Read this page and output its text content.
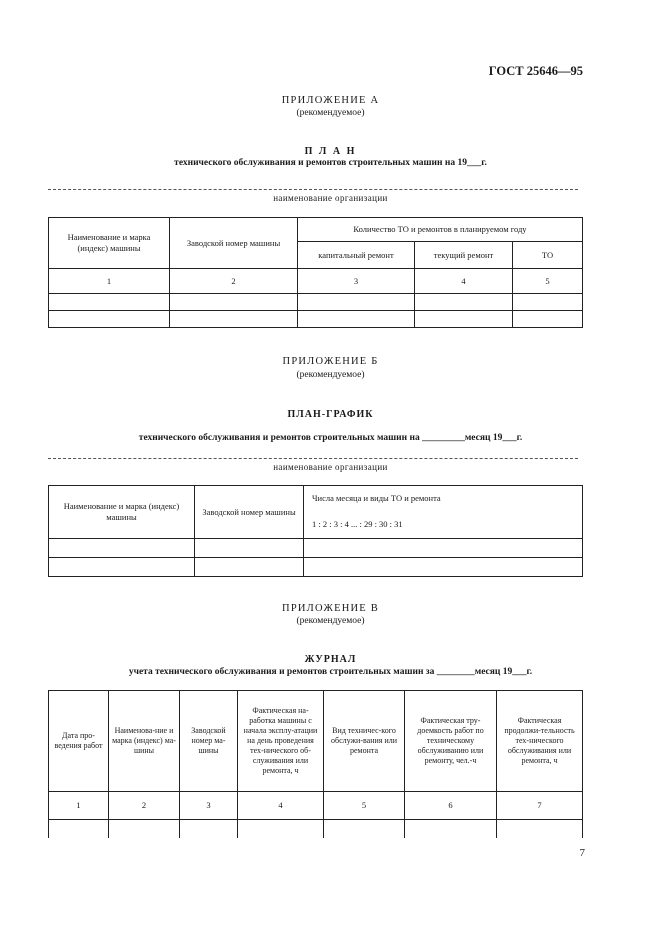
ГОСТ 25646—95
ПРИЛОЖЕНИЕ А
(рекомендуемое)
П Л А Н
технического обслуживания и ремонтов строительных машин на 19___г.
наименование организации
Наименование и марка (индекс) машины	Заводской номер машины	Количество ТО и ремонтов в планируемом году		
		капитальный ремонт	текущий ремонт	ТО
1	2	3	4	5

ПРИЛОЖЕНИЕ Б
(рекомендуемое)
ПЛАН-ГРАФИК
технического обслуживания и ремонтов строительных машин на _________месяц 19___г.
наименование организации
Наименование и марка (индекс) машины	Заводской номер машины	Числа месяца и виды ТО и ремонта
		1 : 2 : 3 : 4 ... : 29 : 30 : 31

ПРИЛОЖЕНИЕ В
(рекомендуемое)
ЖУРНАЛ
учета технического обслуживания и ремонтов строительных машин за ________месяц 19___г.
Дата про-ведения работ	Наименова-ние и марка (индекс) ма-шины	Заводской номер ма-шины	Фактическая на-работка машины с начала эксплу-атации на день проведения тех-нического об-служивания или ремонта, ч	Вид техничес-кого обслужи-вания или ремонта	Фактическая тру-доемкость работ по техническому обслуживанию или ремонту, чел.-ч	Фактическая продолжи-тельность тех-нического обслуживания или ремонта, ч
1	2	3	4	5	6	7

7
